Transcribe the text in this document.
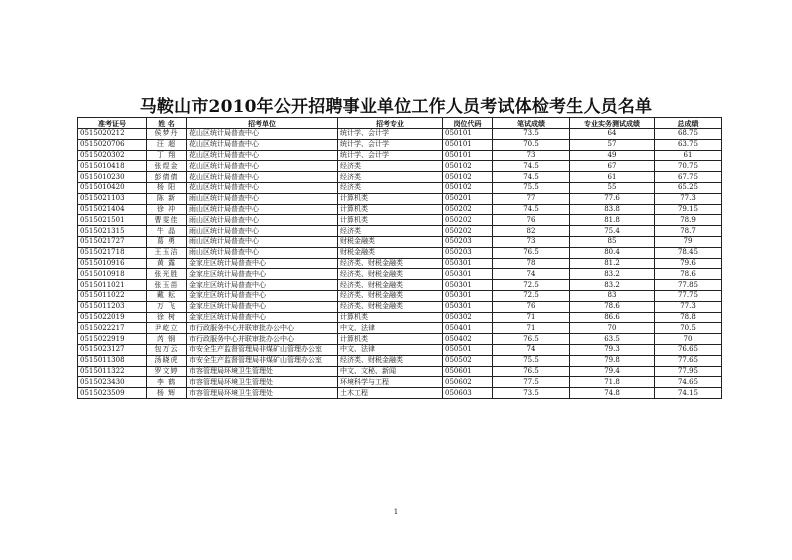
马鞍山市2010年公开招聘事业单位工作人员考试体检考生人员名单
准考证号	姓 名	招考单位	招考专业	岗位代码	笔试成绩	专业实务测试成绩	总成绩
0515020212	侯梦丹	花山区统计局普查中心	统计学、会计学	050101	73.5	64	68.75
0515020706	汪 超	花山区统计局普查中心	统计学、会计学	050101	70.5	57	63.75
0515020302	丁 翔	花山区统计局普查中心	统计学、会计学	050101	73	49	61
0515010418	张煜金	花山区统计局普查中心	经济类	050102	74.5	67	70.75
0515010230	彭倩倩	花山区统计局普查中心	经济类	050102	74.5	61	67.75
0515010420	杨 阳	花山区统计局普查中心	经济类	050102	75.5	55	65.25
0515021103	陈 新	雨山区统计局普查中心	计算机类	050201	77	77.6	77.3
0515021404	徐 冲	雨山区统计局普查中心	计算机类	050202	74.5	83.8	79.15
0515021501	曹雯佳	雨山区统计局普查中心	计算机类	050202	76	81.8	78.9
0515021315	牛 晶	雨山区统计局普查中心	经济类	050202	82	75.4	78.7
0515021727	葛 勇	雨山区统计局普查中心	财税金融类	050203	73	85	79
0515021718	王玉洁	雨山区统计局普查中心	财税金融类	050203	76.5	80.4	78.45
0515010916	黄 露	金家庄区统计局普查中心	经济类、财税金融类	050301	78	81.2	79.6
0515010918	张光胜	金家庄区统计局普查中心	经济类、财税金融类	050301	74	83.2	78.6
0515011021	张玉苗	金家庄区统计局普查中心	经济类、财税金融类	050301	72.5	83.2	77.85
0515011022	戴 耘	金家庄区统计局普查中心	经济类、财税金融类	050301	72.5	83	77.75
0515011203	万 飞	金家庄区统计局普查中心	经济类、财税金融类	050301	76	78.6	77.3
0515022019	徐 树	金家庄区统计局普查中心	计算机类	050302	71	86.6	78.8
0515022217	尹屹立	市行政服务中心并联审批办公中心	中文、法律	050401	71	70	70.5
0515022919	芮 钢	市行政服务中心并联审批办公中心	计算机类	050402	76.5	63.5	70
0515023127	包万云	市安全生产监督管理局非煤矿山管理办公室	中文、法律	050501	74	79.3	76.65
0515011308	汤晓虎	市安全生产监督管理局非煤矿山管理办公室	经济类、财税金融类	050502	75.5	79.8	77.65
0515011322	罗文婷	市容管理局环境卫生管理处	中文、文秘、新闻	050601	76.5	79.4	77.95
0515023430	李 鹤	市容管理局环境卫生管理处	环境科学与工程	050602	77.5	71.8	74.65
0515023509	杨 辉	市容管理局环境卫生管理处	土木工程	050603	73.5	74.8	74.15
1
